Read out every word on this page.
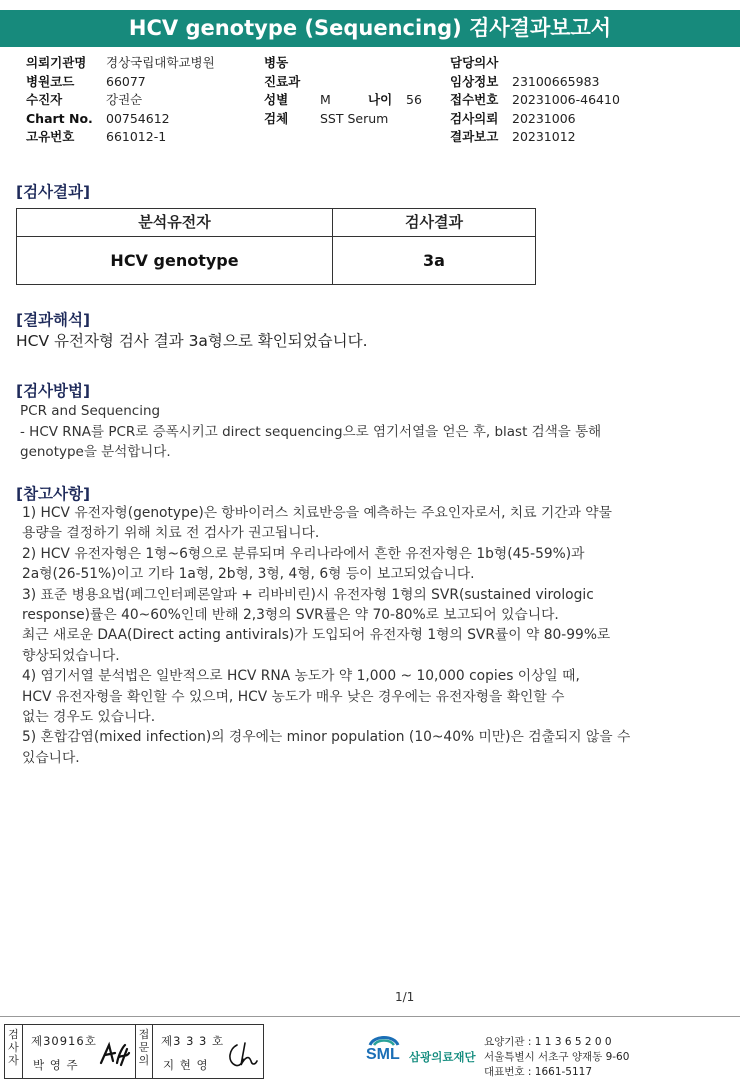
HCV genotype (Sequencing) 검사결과보고서
의뢰기관명 경상국립대학교병원
병원코드	66077
수진자	강권순
Chart No. 00754612
고유번호	661012-1
병동
진료과
성별	M	나이 56
검체	SST Serum
담당의사
임상정보 23100665983
접수번호 20231006-46410
검사의뢰 20231006
결과보고 20231012
[검사결과]
분석유전자	검사결과
HCV genotype	3a
[결과해석]
HCV 유전자형 검사 결과 3a형으로 확인되었습니다.
[검사방법]
PCR and Sequencing
- HCV RNA를 PCR로 증폭시키고 direct sequencing으로 염기서열을 얻은 후, blast 검색을 통해
genotype을 분석합니다.
[참고사항]
1) HCV 유전자형(genotype)은 항바이러스 치료반응을 예측하는 주요인자로서, 치료 기간과 약물
용량을 결정하기 위해 치료 전 검사가 권고됩니다.
2) HCV 유전자형은 1형~6형으로 분류되며 우리나라에서 흔한 유전자형은 1b형(45-59%)과
2a형(26-51%)이고 기타 1a형, 2b형, 3형, 4형, 6형 등이 보고되었습니다.
3) 표준 병용요법(페그인터페론알파 + 리바비린)시 유전자형 1형의 SVR(sustained virologic
response)률은 40~60%인데 반해 2,3형의 SVR률은 약 70-80%로 보고되어 있습니다.
최근 새로운 DAA(Direct acting antivirals)가 도입되어 유전자형 1형의 SVR률이 약 80-99%로
향상되었습니다.
4) 염기서열 분석법은 일반적으로 HCV RNA 농도가 약 1,000 ~ 10,000 copies 이상일 때,
HCV 유전자형을 확인할 수 있으며, HCV 농도가 매우 낮은 경우에는 유전자형을 확인할 수
없는 경우도 있습니다.
5) 혼합감염(mixed infection)의 경우에는 minor population (10~40% 미만)은 검출되지 않을 수
있습니다.
1/1
검사자
제30916호
박 영 주
접문의
제3 3 3 호
지 현 영
SML 삼광의료재단
요양기관 : 1 1 3 6 5 2 0 0
서울특별시 서초구 양재동 9-60
대표번호 : 1661-5117
